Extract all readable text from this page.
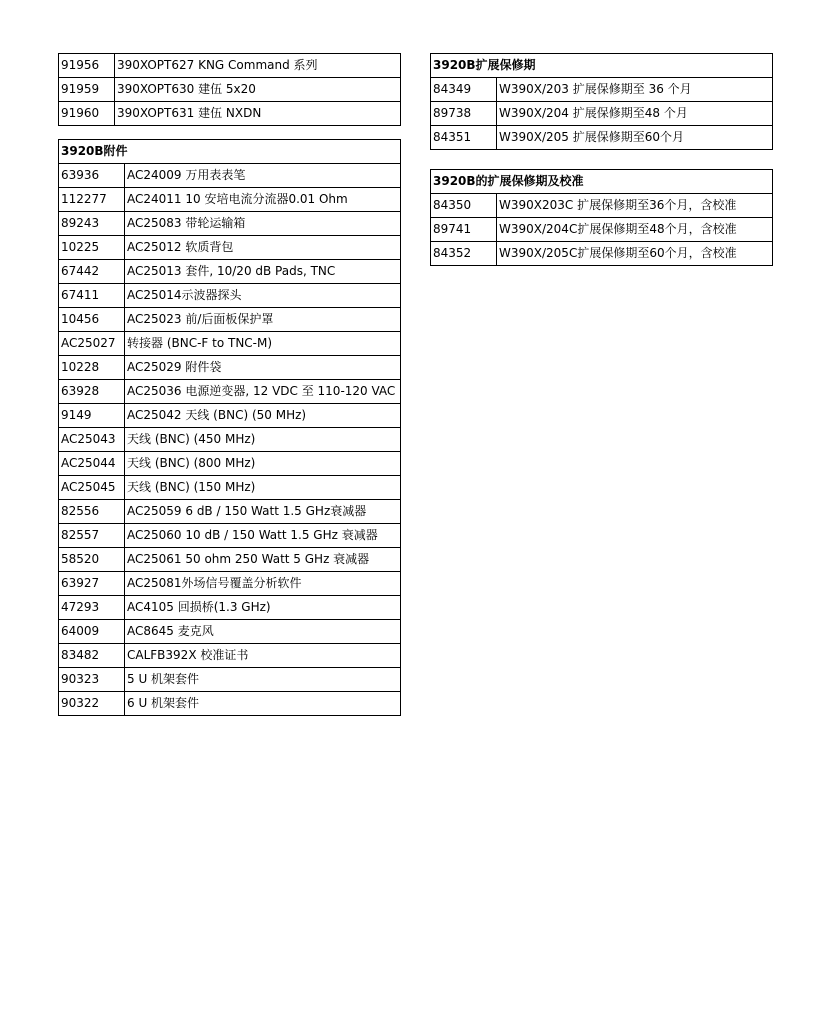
91956	390XOPT627 KNG Command 系列
91959	390XOPT630 建伍 5x20
91960	390XOPT631 建伍 NXDN
3920B附件	
63936	AC24009 万用表表笔
112277	AC24011 10 安培电流分流器0.01 Ohm
89243	AC25083 带轮运输箱
10225	AC25012 软质背包
67442	AC25013 套件, 10/20 dB Pads, TNC
67411	AC25014示波器探头
10456	AC25023 前/后面板保护罩
AC25027	转接器 (BNC-F to TNC-M)
10228	AC25029 附件袋
63928	AC25036 电源逆变器, 12 VDC 至 110-120 VAC
9149	AC25042 天线 (BNC) (50 MHz)
AC25043	天线 (BNC) (450 MHz)
AC25044	天线 (BNC) (800 MHz)
AC25045	天线 (BNC) (150 MHz)
82556	AC25059 6 dB / 150 Watt 1.5 GHz衰减器
82557	AC25060 10 dB / 150 Watt 1.5 GHz 衰减器
58520	AC25061 50 ohm 250 Watt 5 GHz 衰减器
63927	AC25081外场信号覆盖分析软件
47293	AC4105 回损桥(1.3 GHz)
64009	AC8645 麦克风
83482	CALFB392X 校准证书
90323	5 U 机架套件
90322	6 U 机架套件
3920B扩展保修期	
84349	W390X/203 扩展保修期至 36 个月
89738	W390X/204 扩展保修期至48 个月
84351	W390X/205 扩展保修期至60个月
3920B的扩展保修期及校准	
84350	W390X203C 扩展保修期至36个月，含校准
89741	W390X/204C扩展保修期至48个月，含校准
84352	W390X/205C扩展保修期至60个月，含校准
